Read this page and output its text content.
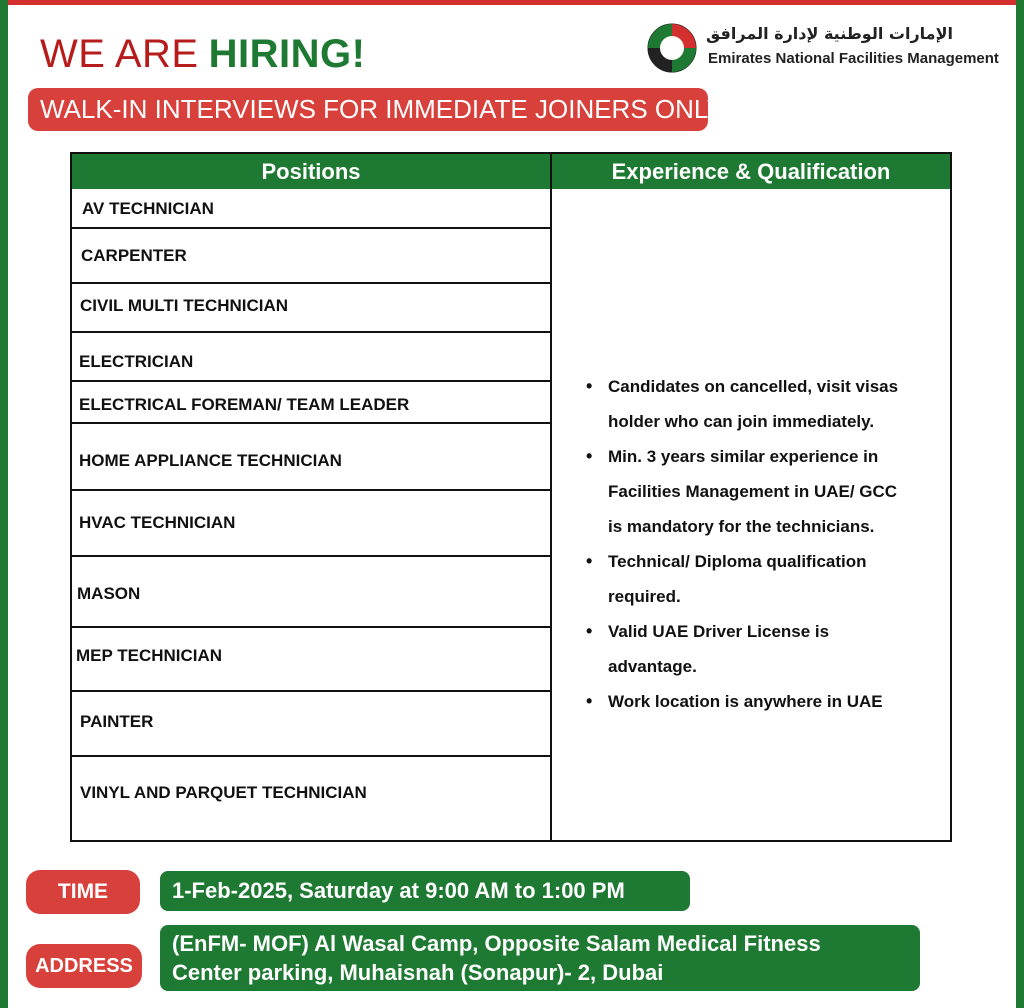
WE ARE HIRING!
WALK-IN INTERVIEWS FOR IMMEDIATE JOINERS ONLY
الإمارات الوطنية لإدارة المرافق
Emirates National Facilities Management
Positions	Experience & Qualification
AV TECHNICIAN
CARPENTER
CIVIL MULTI TECHNICIAN
ELECTRICIAN
ELECTRICAL FOREMAN/ TEAM LEADER
HOME APPLIANCE TECHNICIAN
HVAC TECHNICIAN
MASON
MEP TECHNICIAN
PAINTER
VINYL AND PARQUET TECHNICIAN
• Candidates on cancelled, visit visas
holder who can join immediately.
• Min. 3 years similar experience in
Facilities Management in UAE/ GCC
is mandatory for the technicians.
• Technical/ Diploma qualification
required.
• Valid UAE Driver License is
advantage.
• Work location is anywhere in UAE
TIME	1-Feb-2025, Saturday at 9:00 AM to 1:00 PM
ADDRESS
(EnFM- MOF) Al Wasal Camp, Opposite Salam Medical Fitness
Center parking, Muhaisnah (Sonapur)- 2, Dubai
